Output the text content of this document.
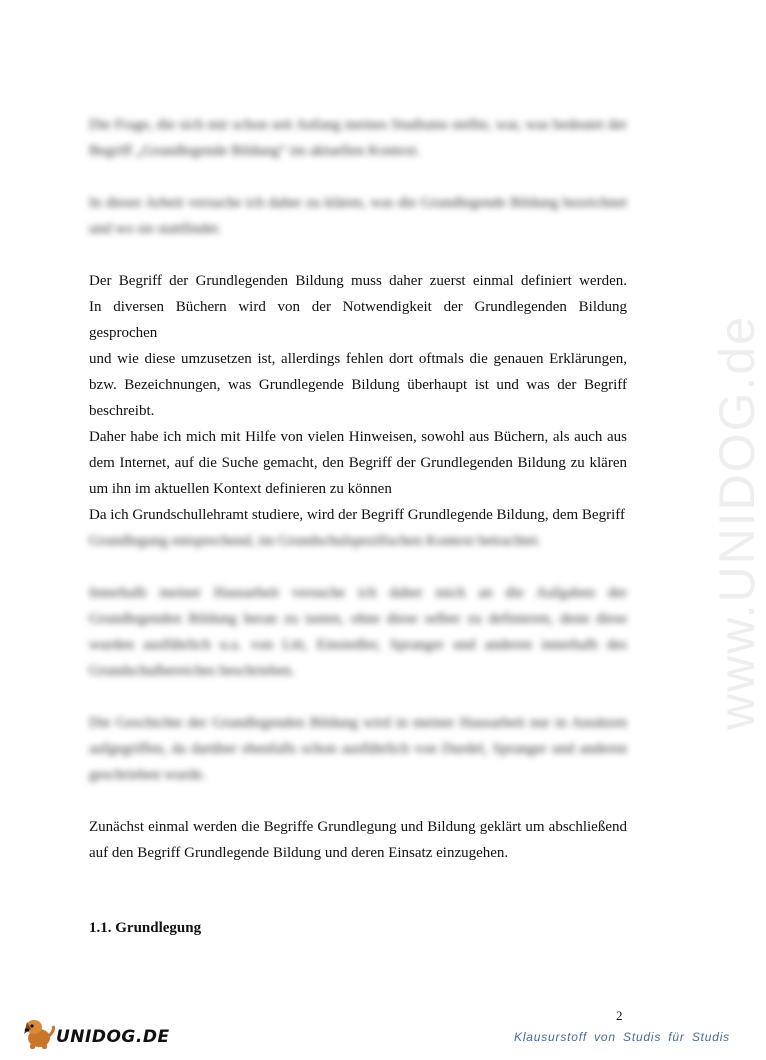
www.UNIDOG.de
Die Frage, die sich mir schon seit Anfang meines Studiums stellte, war, was bedeutet der
Begriff „Grundlegende Bildung“ im aktuellen Kontext.
In dieser Arbeit versuche ich daher zu klären, was die Grundlegende Bildung bezeichnet
und wo sie stattfindet.
Der Begriff der Grundlegenden Bildung muss daher zuerst einmal definiert werden.
In diversen Büchern wird von der Notwendigkeit der Grundlegenden Bildung gesprochen
und wie diese umzusetzen ist, allerdings fehlen dort oftmals die genauen Erklärungen,
bzw. Bezeichnungen, was Grundlegende Bildung überhaupt ist und was der Begriff
beschreibt.
Daher habe ich mich mit Hilfe von vielen Hinweisen, sowohl aus Büchern, als auch aus
dem Internet, auf die Suche gemacht, den Begriff der Grundlegenden Bildung zu klären
um ihn im aktuellen Kontext definieren zu können
Da ich Grundschullehramt studiere, wird der Begriff Grundlegende Bildung, dem Begriff
Grundlegung entsprechend, im Grundschulspezifischen Kontext betrachtet.
Innerhalb meiner Hausarbeit versuche ich daher mich an die Aufgaben der
Grundlegenden Bildung heran zu tasten, ohne diese selber zu definieren, denn diese
wurden ausführlich u.a. von Litt, Einsiedler, Spranger und anderen innerhalb des
Grundschulbereiches beschrieben.
Die Geschichte der Grundlegenden Bildung wird in meiner Hausarbeit nur in Ansätzen
aufgegriffen, da darüber ebenfalls schon ausführlich von Durdel, Spranger und anderen
geschrieben wurde.
Zunächst einmal werden die Begriffe Grundlegung und Bildung geklärt um abschließend
auf den Begriff Grundlegende Bildung und deren Einsatz einzugehen.
1.1. Grundlegung
2
UNIDOG.DE	Klausurstoff von Studis für Studis
